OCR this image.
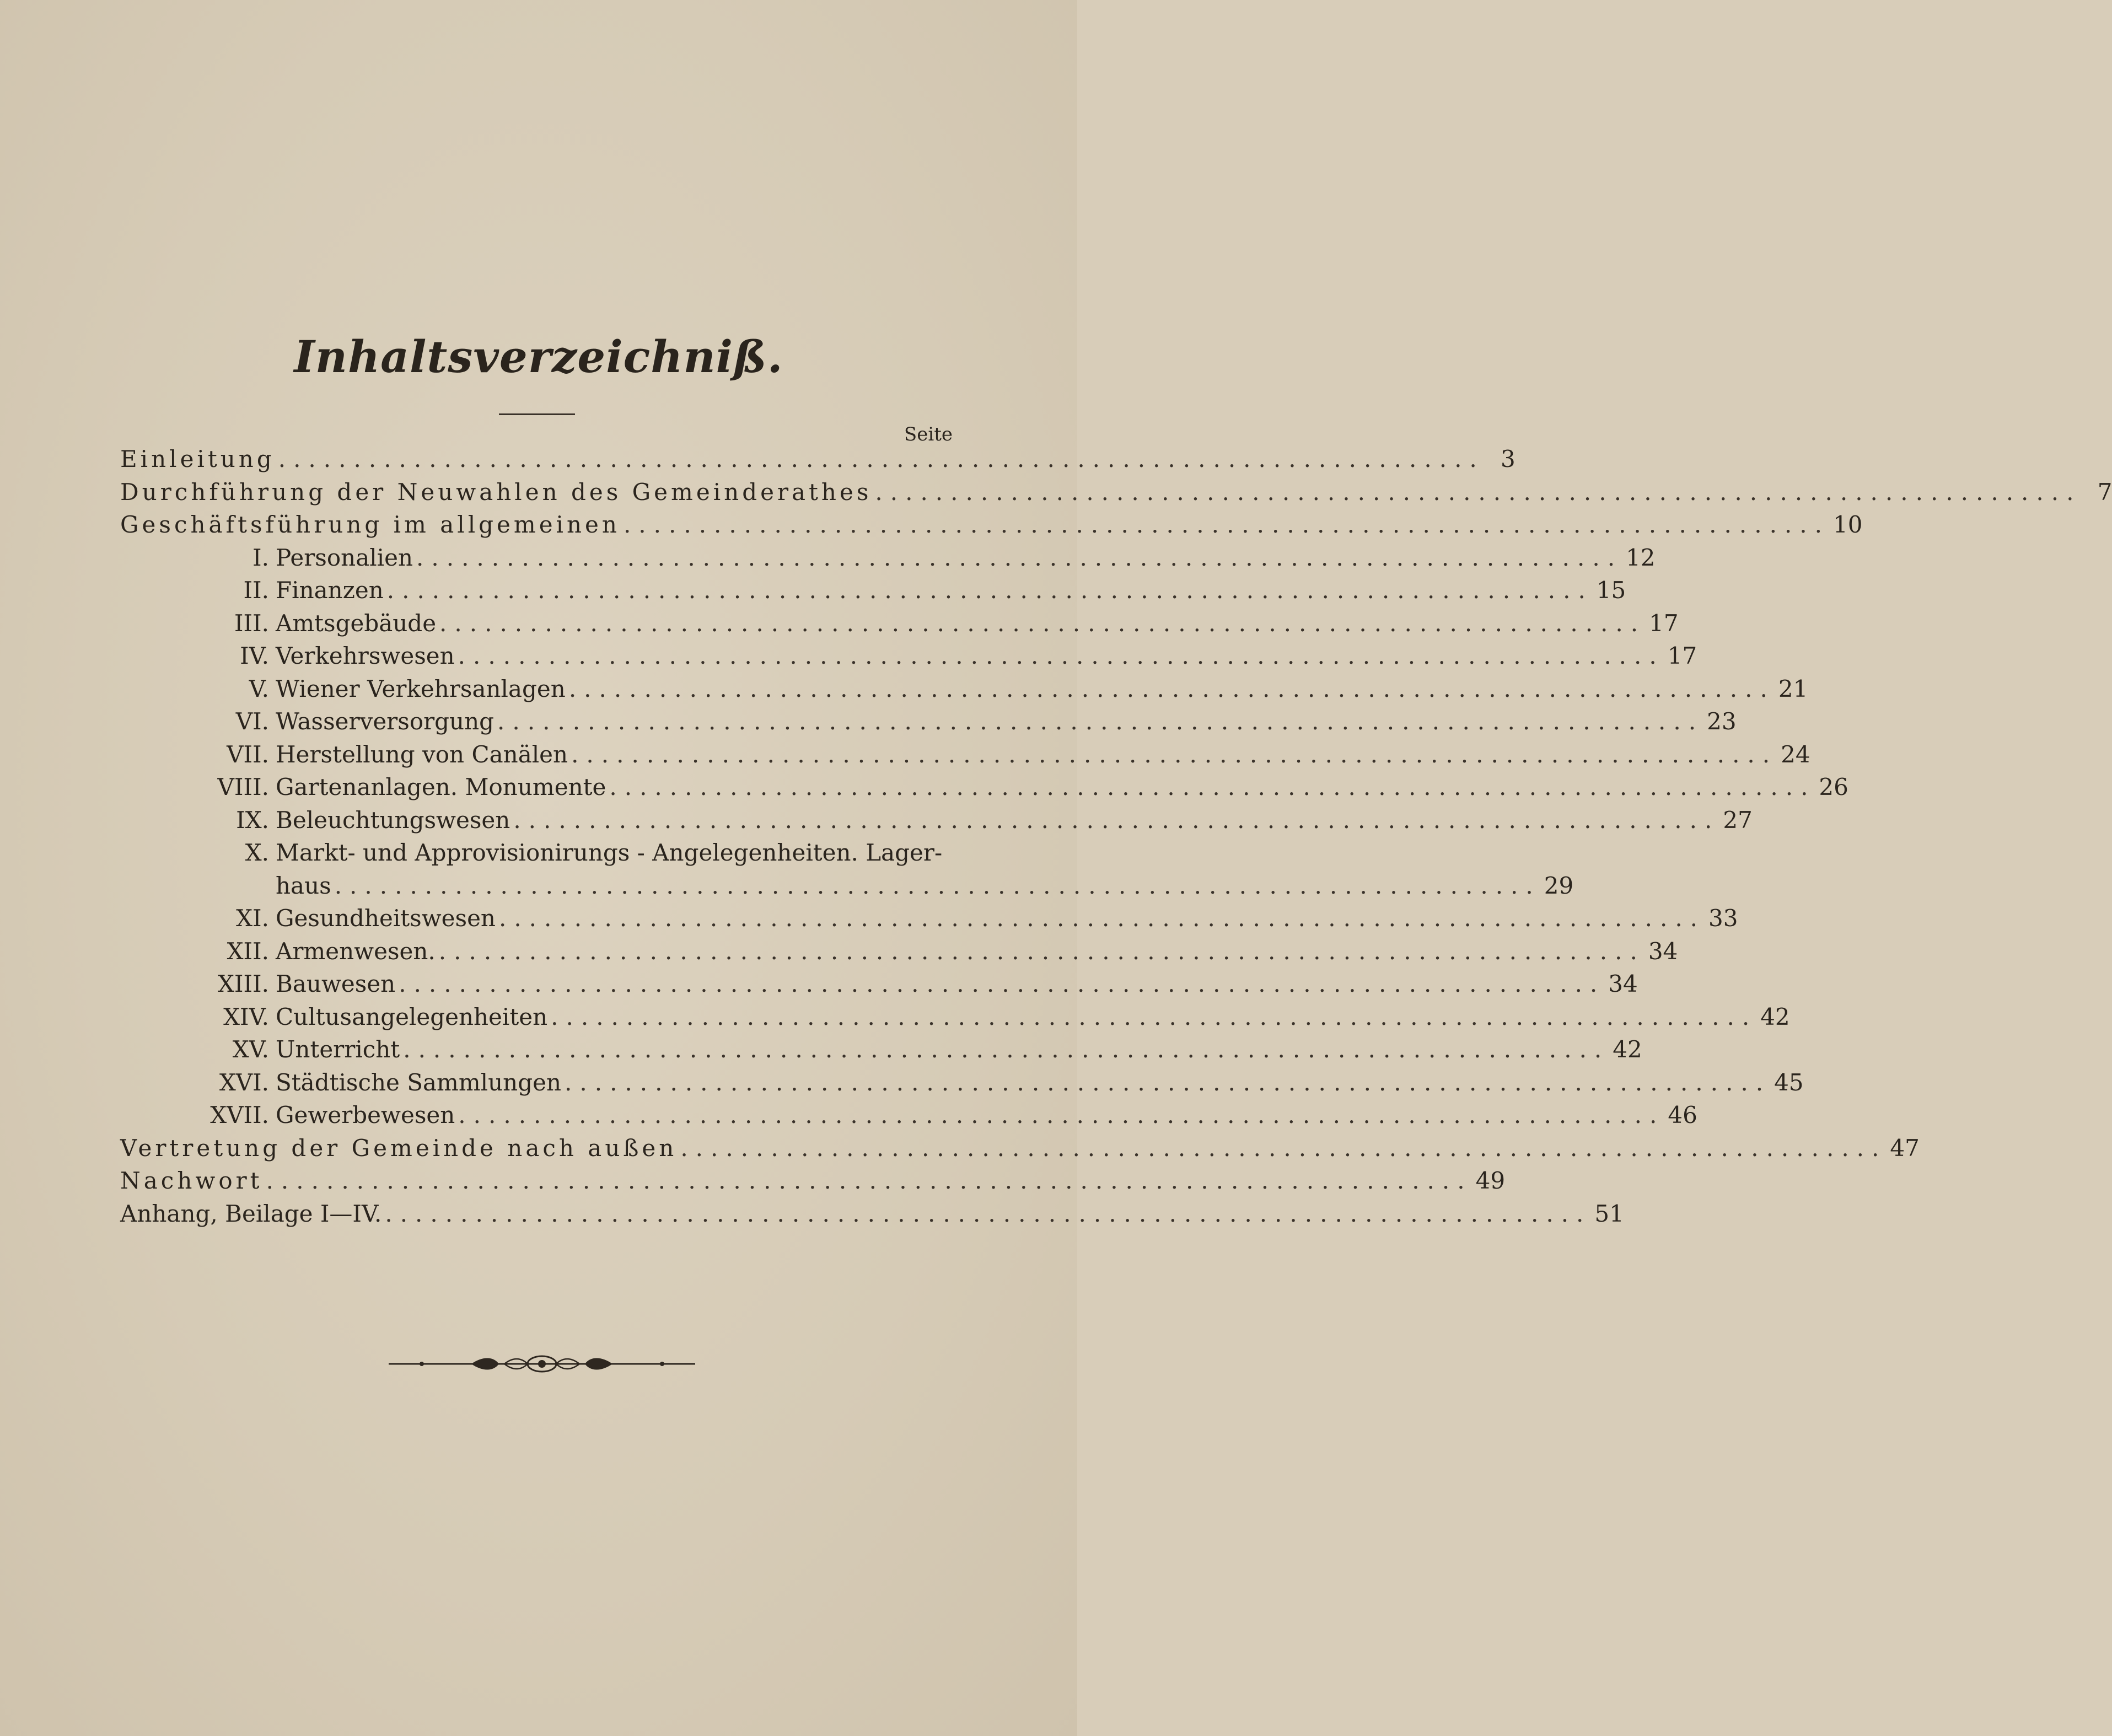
Inhaltsverzeichniß.
Seite
Einleitung ................................................................................ 3
Durchführung der Neuwahlen des Gemeinderathes ................................................................................ 7
Geschäftsführung im allgemeinen ................................................................................ 10
I. Personalien ................................................................................ 12
II. Finanzen ................................................................................ 15
III. Amtsgebäude ................................................................................ 17
IV. Verkehrswesen ................................................................................ 17
V. Wiener Verkehrsanlagen ................................................................................ 21
VI. Wasserversorgung ................................................................................ 23
VII. Herstellung von Canälen ................................................................................ 24
VIII. Gartenanlagen. Monumente ................................................................................ 26
IX. Beleuchtungswesen ................................................................................ 27
X. Markt- und Approvisionirungs - Angelegenheiten. Lager-
haus ................................................................................ 29
XI. Gesundheitswesen ................................................................................ 33
XII. Armenwesen. ................................................................................ 34
XIII. Bauwesen ................................................................................ 34
XIV. Cultusangelegenheiten ................................................................................ 42
XV. Unterricht ................................................................................ 42
XVI. Städtische Sammlungen ................................................................................ 45
XVII. Gewerbewesen ................................................................................ 46
Vertretung der Gemeinde nach außen ................................................................................ 47
Nachwort ................................................................................ 49
Anhang, Beilage I—IV. ................................................................................ 51
